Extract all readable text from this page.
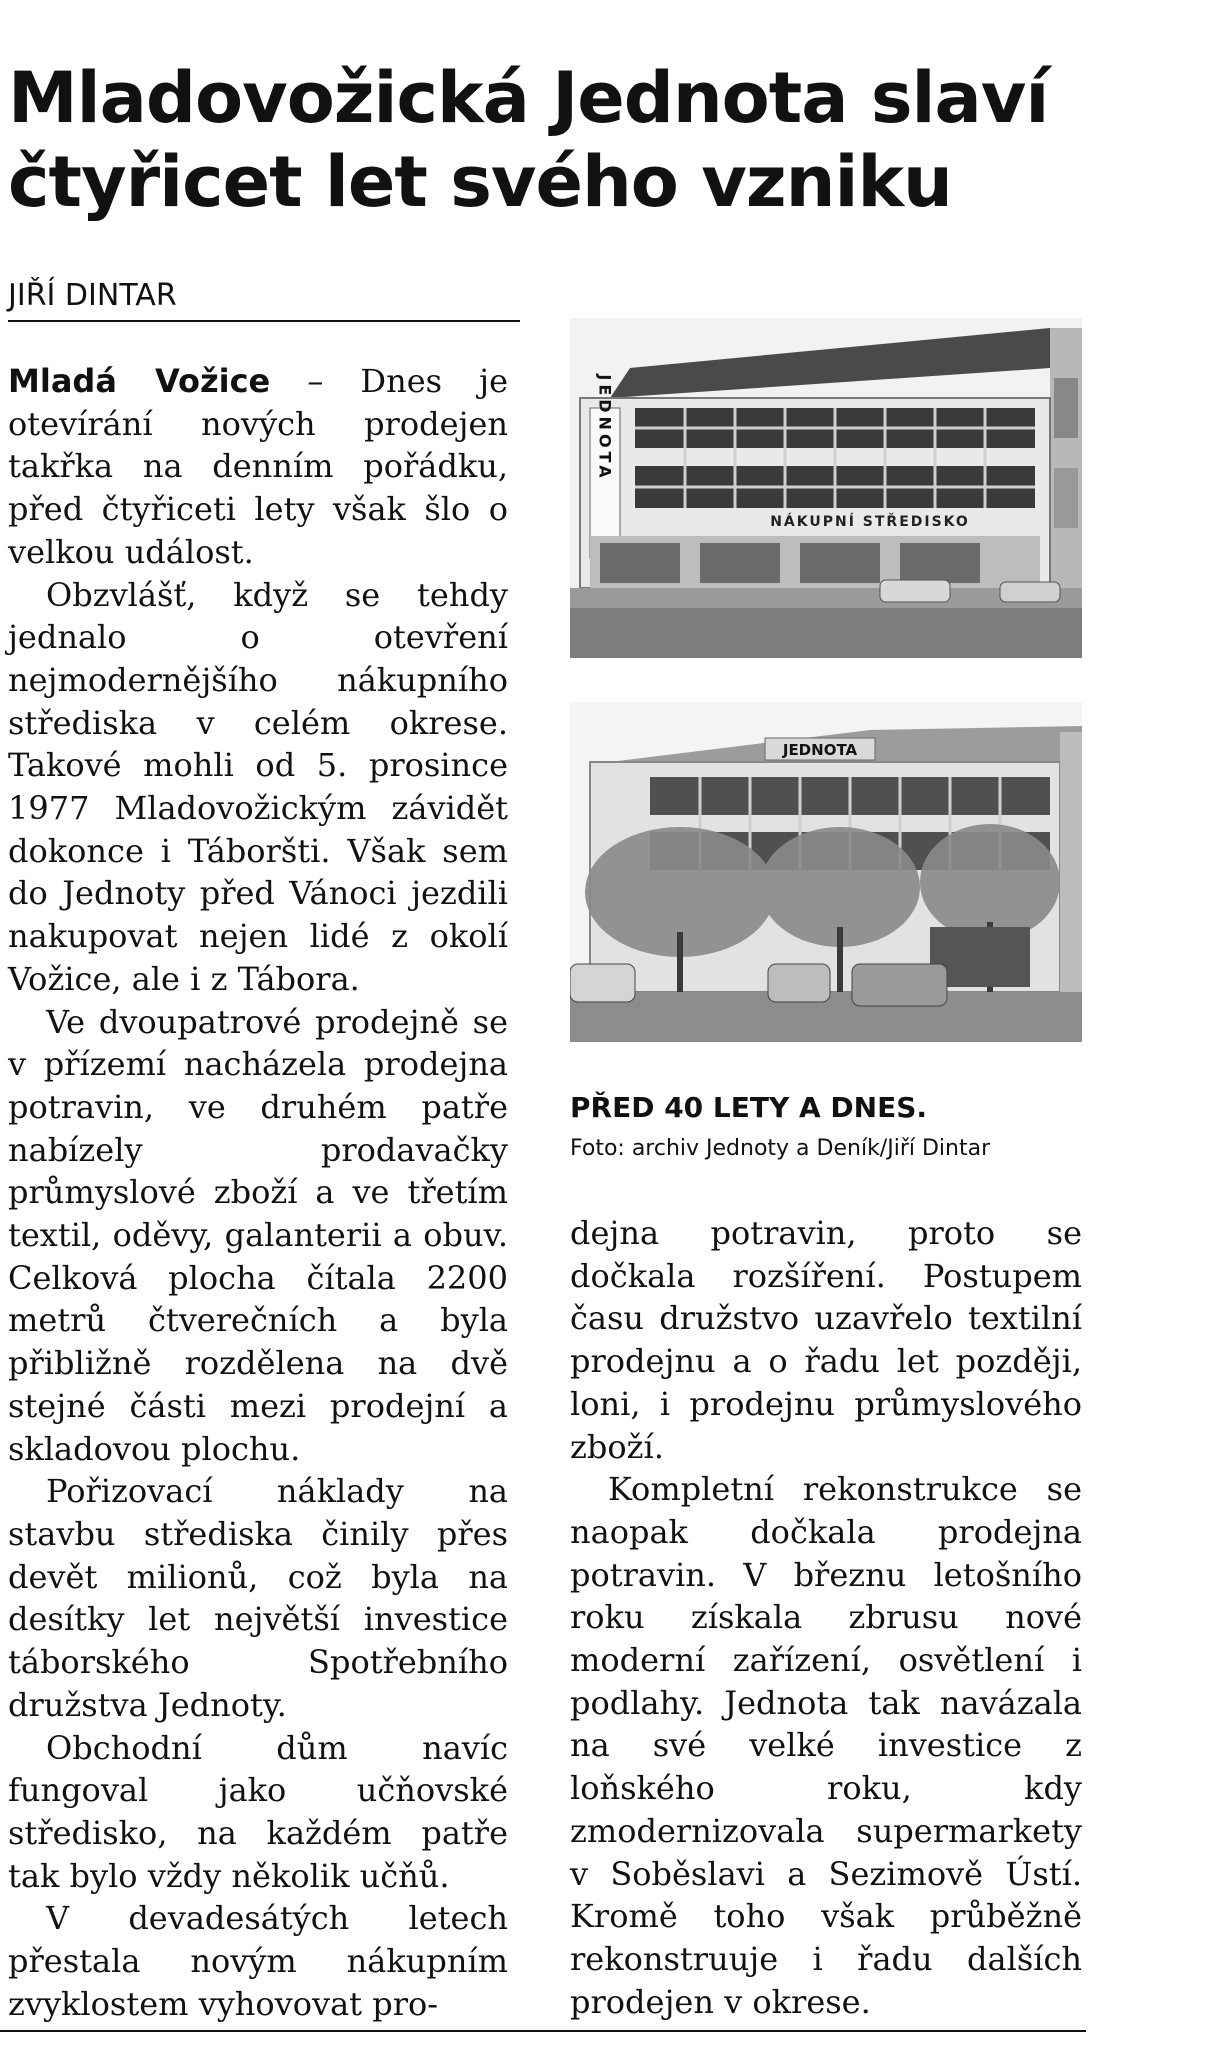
Mladovožická Jednota slaví čtyřicet let svého vzniku
JIŘÍ DINTAR

Mladá Vožice – Dnes je otevírání nových prodejen takřka na denním pořádku, před čtyřiceti lety však šlo o velkou událost.

Obzvlášť, když se tehdy jednalo o otevření nejmodernějšího nákupního střediska v celém okrese. Takové mohli od 5. prosince 1977 Mladovožickým závidět dokonce i Táboršti. Však sem do Jednoty před Vánoci jezdili nakupovat nejen lidé z okolí Vožice, ale i z Tábora.

Ve dvoupatrové prodejně se v přízemí nacházela prodejna potravin, ve druhém patře nabízely prodavačky průmyslové zboží a ve třetím textil, oděvy, galanterii a obuv. Celková plocha čítala 2200 metrů čtverečních a byla přibližně rozdělena na dvě stejné části mezi prodejní a skladovou plochu.

Pořizovací náklady na stavbu střediska činily přes devět milionů, což byla na desítky let největší investice táborského Spotřebního družstva Jednoty.

Obchodní dům navíc fungoval jako učňovské středisko, na každém patře tak bylo vždy několik učňů.

V devadesátých letech přestala novým nákupním zvyklostem vyhovovat pro-

JEDNOTA
NÁKUPNÍ STŘEDISKO
JEDNOTA
PŘED 40 LETY A DNES.
Foto: archiv Jednoty a Deník/Jiří Dintar

dejna potravin, proto se dočkala rozšíření. Postupem času družstvo uzavřelo textilní prodejnu a o řadu let později, loni, i prodejnu průmyslového zboží.

Kompletní rekonstrukce se naopak dočkala prodejna potravin. V březnu letošního roku získala zbrusu nové moderní zařízení, osvětlení i podlahy. Jednota tak navázala na své velké investice z loňského roku, kdy zmodernizovala supermarkety v Soběslavi a Sezimově Ústí. Kromě toho však průběžně rekonstruuje i řadu dalších prodejen v okrese.
